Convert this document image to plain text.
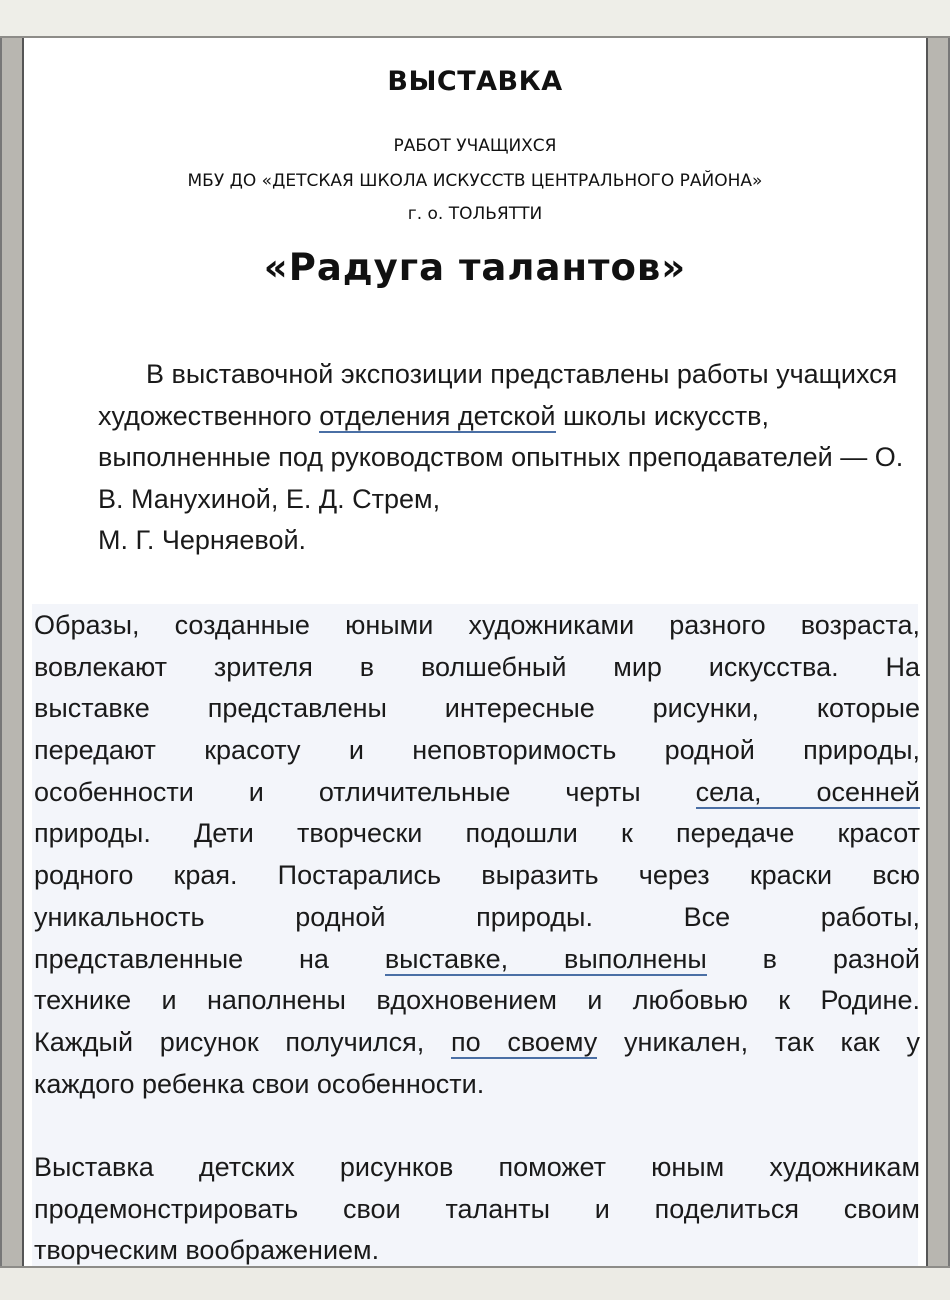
ВЫСТАВКА
РАБОТ УЧАЩИХСЯ
МБУ ДО «ДЕТСКАЯ ШКОЛА ИСКУССТВ ЦЕНТРАЛЬНОГО РАЙОНА»
г. о. ТОЛЬЯТТИ
«Радуга талантов»

В выставочной экспозиции представлены работы учащихся художественного отделения детской школы искусств, выполненные под руководством опытных преподавателей — О. В. Манухиной, Е. Д. Стрем,
М. Г. Черняевой.

Образы, созданные юными художниками разного возраста,
вовлекают зрителя в волшебный мир искусства. На
выставке представлены интересные рисунки, которые
передают красоту и неповторимость родной природы,
особенности и отличительные черты села, осенней
природы. Дети творчески подошли к передаче красот
родного края. Постарались выразить через краски всю
уникальность родной природы. Все работы,
представленные на выставке, выполнены в разной
технике и наполнены вдохновением и любовью к Родине.
Каждый рисунок получился, по своему уникален, так как у
каждого ребенка свои особенности.
Выставка детских рисунков поможет юным художникам
продемонстрировать свои таланты и поделиться своим
творческим воображением.
